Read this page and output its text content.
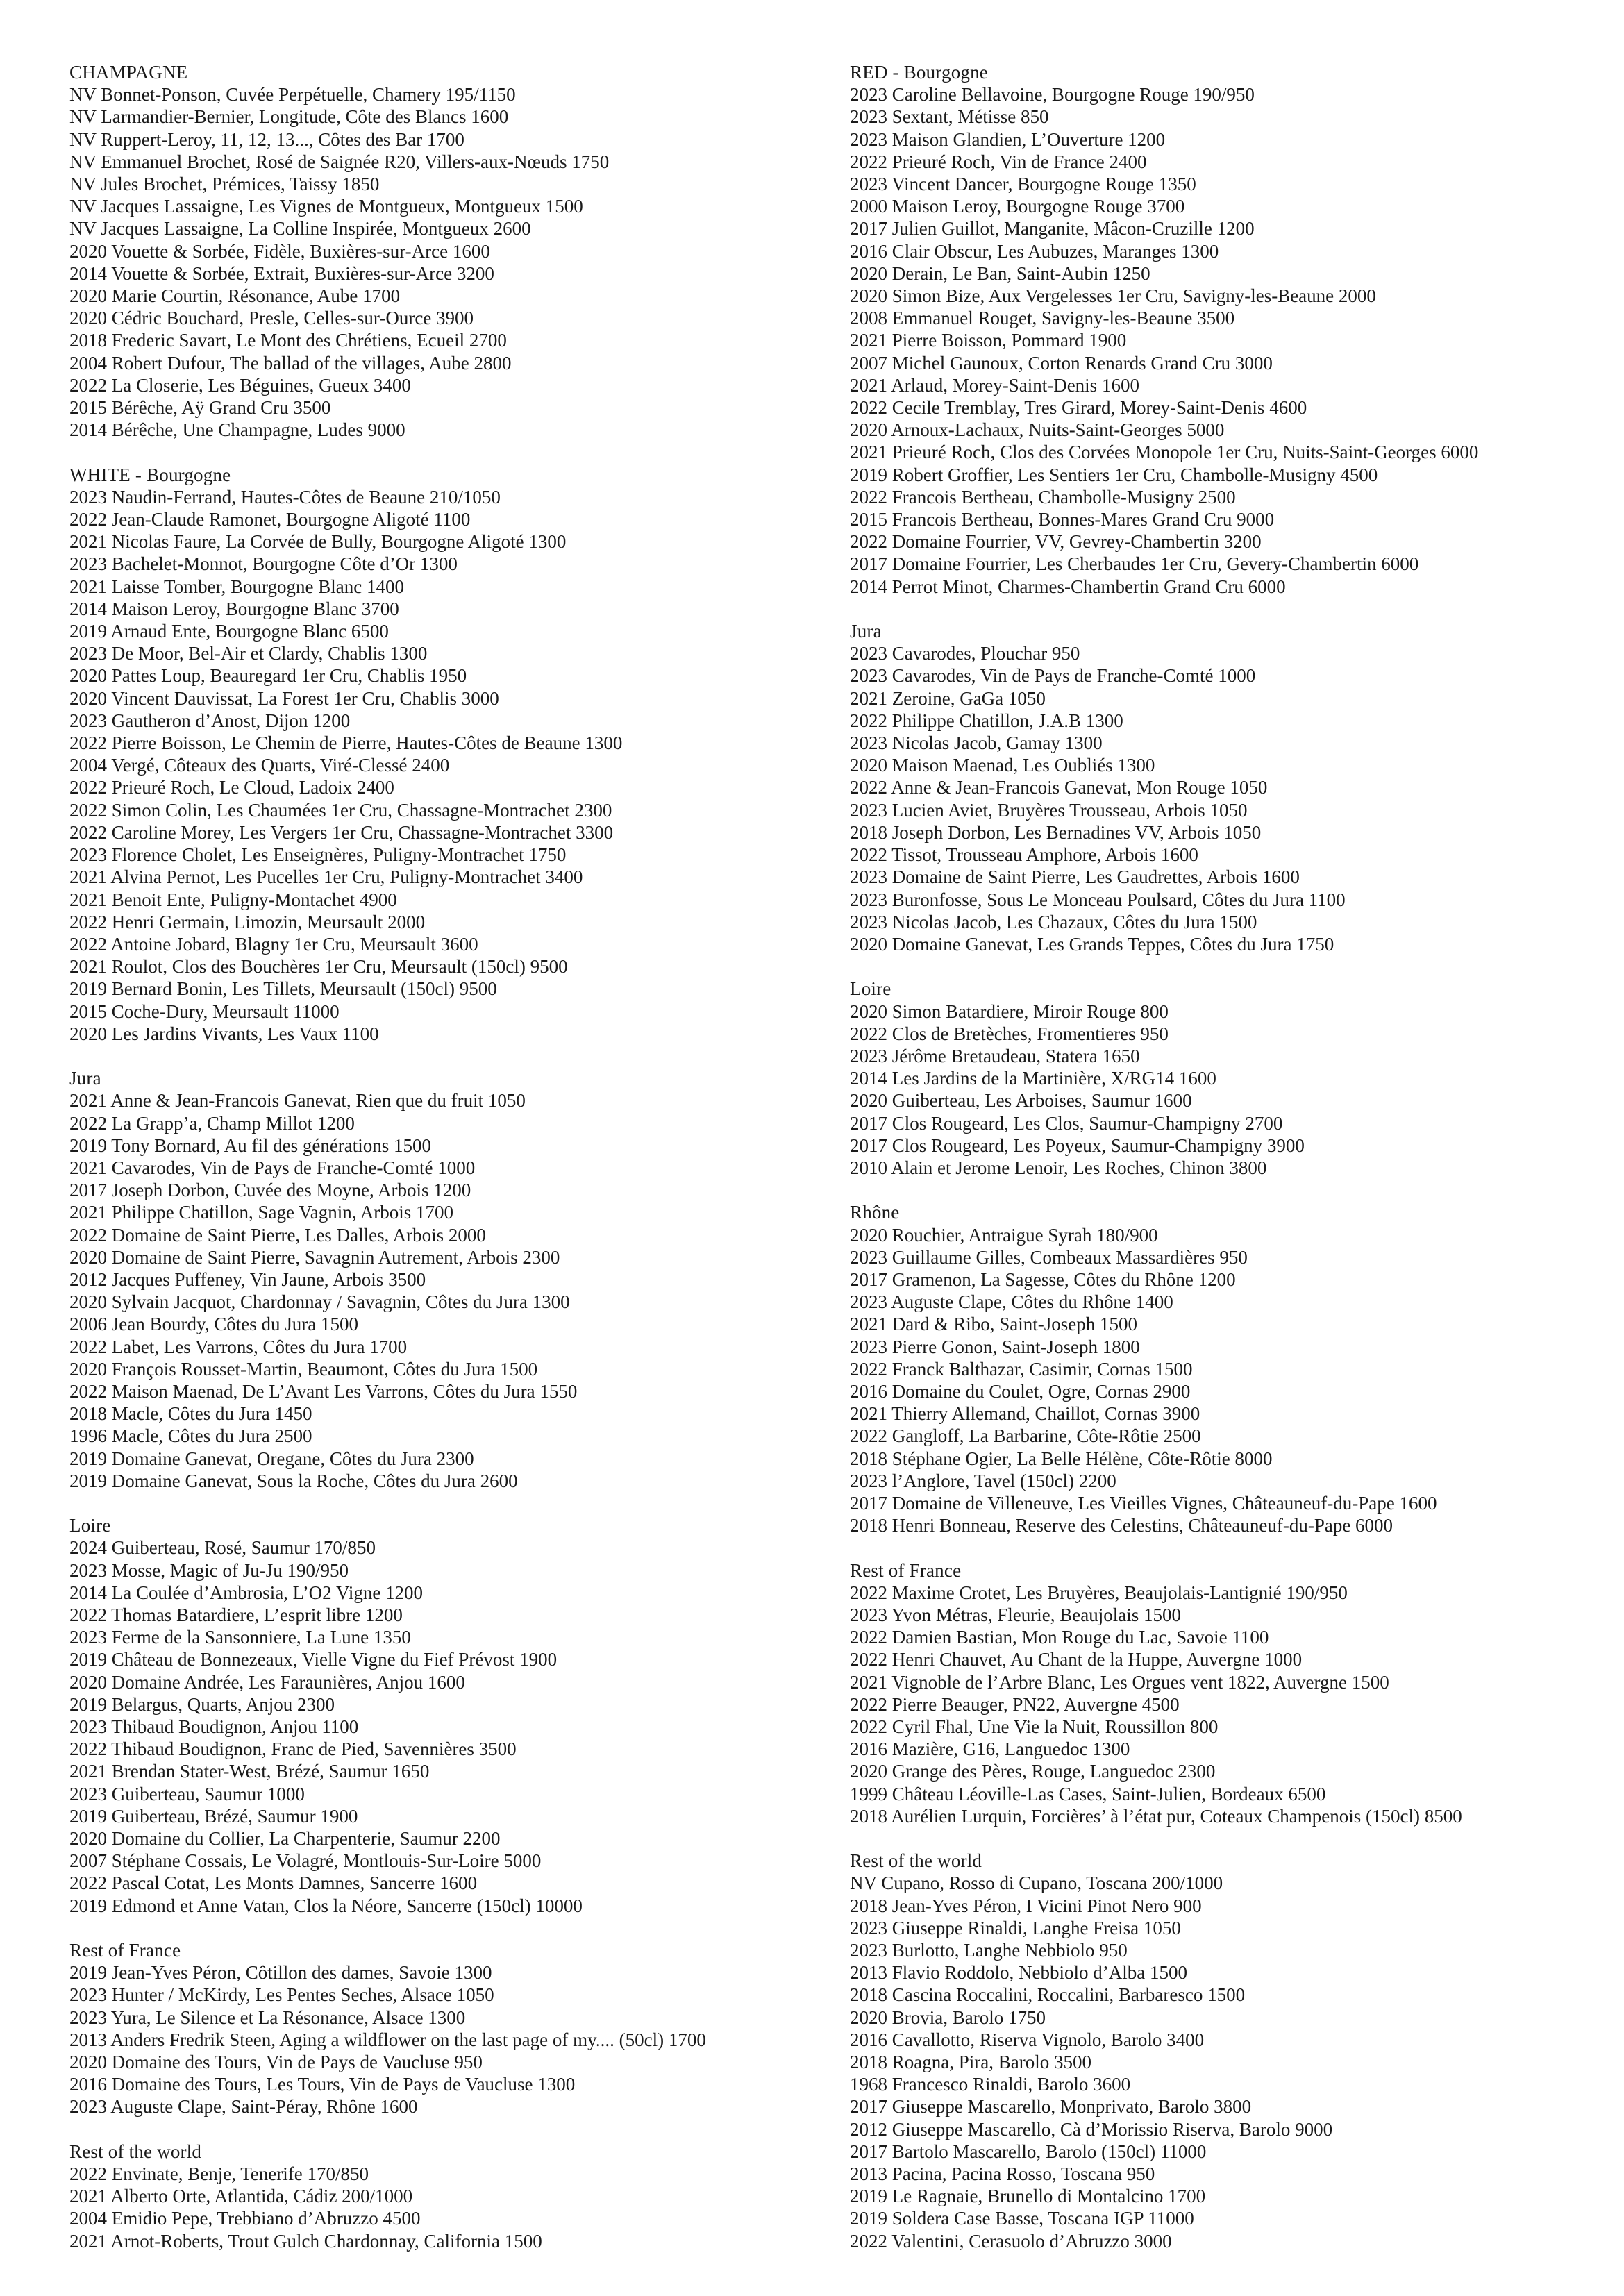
CHAMPAGNE
NV Bonnet-Ponson, Cuvée Perpétuelle, Chamery 195/1150
NV Larmandier-Bernier, Longitude, Côte des Blancs 1600
NV Ruppert-Leroy, 11, 12, 13..., Côtes des Bar 1700
NV Emmanuel Brochet, Rosé de Saignée R20, Villers-aux-Nœuds 1750
NV Jules Brochet, Prémices, Taissy 1850
NV Jacques Lassaigne, Les Vignes de Montgueux, Montgueux 1500
NV Jacques Lassaigne, La Colline Inspirée, Montgueux 2600
2020 Vouette & Sorbée, Fidèle, Buxières-sur-Arce 1600
2014 Vouette & Sorbée, Extrait, Buxières-sur-Arce 3200
2020 Marie Courtin, Résonance, Aube 1700
2020 Cédric Bouchard, Presle, Celles-sur-Ource 3900
2018 Frederic Savart, Le Mont des Chrétiens, Ecueil 2700
2004 Robert Dufour, The ballad of the villages, Aube 2800
2022 La Closerie, Les Béguines, Gueux 3400
2015 Bérêche, Aÿ Grand Cru 3500
2014 Bérêche, Une Champagne, Ludes 9000
WHITE - Bourgogne
2023 Naudin-Ferrand, Hautes-Côtes de Beaune 210/1050
2022 Jean-Claude Ramonet, Bourgogne Aligoté 1100
2021 Nicolas Faure, La Corvée de Bully, Bourgogne Aligoté 1300
2023 Bachelet-Monnot, Bourgogne Côte d’Or 1300
2021 Laisse Tomber, Bourgogne Blanc 1400
2014 Maison Leroy, Bourgogne Blanc 3700
2019 Arnaud Ente, Bourgogne Blanc 6500
2023 De Moor, Bel-Air et Clardy, Chablis 1300
2020 Pattes Loup, Beauregard 1er Cru, Chablis 1950
2020 Vincent Dauvissat, La Forest 1er Cru, Chablis 3000
2023 Gautheron d’Anost, Dijon 1200
2022 Pierre Boisson, Le Chemin de Pierre, Hautes-Côtes de Beaune 1300
2004 Vergé, Côteaux des Quarts, Viré-Clessé 2400
2022 Prieuré Roch, Le Cloud, Ladoix 2400
2022 Simon Colin, Les Chaumées 1er Cru, Chassagne-Montrachet 2300
2022 Caroline Morey, Les Vergers 1er Cru, Chassagne-Montrachet 3300
2023 Florence Cholet, Les Enseignères, Puligny-Montrachet 1750
2021 Alvina Pernot, Les Pucelles 1er Cru, Puligny-Montrachet 3400
2021 Benoit Ente, Puligny-Montachet 4900
2022 Henri Germain, Limozin, Meursault 2000
2022 Antoine Jobard, Blagny 1er Cru, Meursault 3600
2021 Roulot, Clos des Bouchères 1er Cru, Meursault (150cl) 9500
2019 Bernard Bonin, Les Tillets, Meursault (150cl) 9500
2015 Coche-Dury, Meursault 11000
2020 Les Jardins Vivants, Les Vaux 1100
Jura
2021 Anne & Jean-Francois Ganevat, Rien que du fruit 1050
2022 La Grapp’a, Champ Millot 1200
2019 Tony Bornard, Au fil des générations 1500
2021 Cavarodes, Vin de Pays de Franche-Comté 1000
2017 Joseph Dorbon, Cuvée des Moyne, Arbois 1200
2021 Philippe Chatillon, Sage Vagnin, Arbois 1700
2022 Domaine de Saint Pierre, Les Dalles, Arbois 2000
2020 Domaine de Saint Pierre, Savagnin Autrement, Arbois 2300
2012 Jacques Puffeney, Vin Jaune, Arbois 3500
2020 Sylvain Jacquot, Chardonnay / Savagnin, Côtes du Jura 1300
2006 Jean Bourdy, Côtes du Jura 1500
2022 Labet, Les Varrons, Côtes du Jura 1700
2020 François Rousset-Martin, Beaumont, Côtes du Jura 1500
2022 Maison Maenad, De L’Avant Les Varrons, Côtes du Jura 1550
2018 Macle, Côtes du Jura 1450
1996 Macle, Côtes du Jura 2500
2019 Domaine Ganevat, Oregane, Côtes du Jura 2300
2019 Domaine Ganevat, Sous la Roche, Côtes du Jura 2600
Loire
2024 Guiberteau, Rosé, Saumur 170/850
2023 Mosse, Magic of Ju-Ju 190/950
2014 La Coulée d’Ambrosia, L’O2 Vigne 1200
2022 Thomas Batardiere, L’esprit libre 1200
2023 Ferme de la Sansonniere, La Lune 1350
2019 Château de Bonnezeaux, Vielle Vigne du Fief Prévost 1900
2020 Domaine Andrée, Les Faraunières, Anjou 1600
2019 Belargus, Quarts, Anjou 2300
2023 Thibaud Boudignon, Anjou 1100
2022 Thibaud Boudignon, Franc de Pied, Savennières 3500
2021 Brendan Stater-West, Brézé, Saumur 1650
2023 Guiberteau, Saumur 1000
2019 Guiberteau, Brézé, Saumur 1900
2020 Domaine du Collier, La Charpenterie, Saumur 2200
2007 Stéphane Cossais, Le Volagré, Montlouis-Sur-Loire 5000
2022 Pascal Cotat, Les Monts Damnes, Sancerre 1600
2019 Edmond et Anne Vatan, Clos la Néore, Sancerre (150cl) 10000
Rest of France
2019 Jean-Yves Péron, Côtillon des dames, Savoie 1300
2023 Hunter / McKirdy, Les Pentes Seches, Alsace 1050
2023 Yura, Le Silence et La Résonance, Alsace 1300
2013 Anders Fredrik Steen, Aging a wildflower on the last page of my.... (50cl) 1700
2020 Domaine des Tours, Vin de Pays de Vaucluse 950
2016 Domaine des Tours, Les Tours, Vin de Pays de Vaucluse 1300
2023 Auguste Clape, Saint-Péray, Rhône 1600
Rest of the world
2022 Envinate, Benje, Tenerife 170/850
2021 Alberto Orte, Atlantida, Cádiz 200/1000
2004 Emidio Pepe, Trebbiano d’Abruzzo 4500
2021 Arnot-Roberts, Trout Gulch Chardonnay, California 1500
RED - Bourgogne
2023 Caroline Bellavoine, Bourgogne Rouge 190/950
2023 Sextant, Métisse 850
2023 Maison Glandien, L’Ouverture 1200
2022 Prieuré Roch, Vin de France 2400
2023 Vincent Dancer, Bourgogne Rouge 1350
2000 Maison Leroy, Bourgogne Rouge 3700
2017 Julien Guillot, Manganite, Mâcon-Cruzille 1200
2016 Clair Obscur, Les Aubuzes, Maranges 1300
2020 Derain, Le Ban, Saint-Aubin 1250
2020 Simon Bize, Aux Vergelesses 1er Cru, Savigny-les-Beaune 2000
2008 Emmanuel Rouget, Savigny-les-Beaune 3500
2021 Pierre Boisson, Pommard 1900
2007 Michel Gaunoux, Corton Renards Grand Cru 3000
2021 Arlaud, Morey-Saint-Denis 1600
2022 Cecile Tremblay, Tres Girard, Morey-Saint-Denis 4600
2020 Arnoux-Lachaux, Nuits-Saint-Georges 5000
2021 Prieuré Roch, Clos des Corvées Monopole 1er Cru, Nuits-Saint-Georges 6000
2019 Robert Groffier, Les Sentiers 1er Cru, Chambolle-Musigny 4500
2022 Francois Bertheau, Chambolle-Musigny 2500
2015 Francois Bertheau, Bonnes-Mares Grand Cru 9000
2022 Domaine Fourrier, VV, Gevrey-Chambertin 3200
2017 Domaine Fourrier, Les Cherbaudes 1er Cru, Gevery-Chambertin 6000
2014 Perrot Minot, Charmes-Chambertin Grand Cru 6000
Jura
2023 Cavarodes, Plouchar 950
2023 Cavarodes, Vin de Pays de Franche-Comté 1000
2021 Zeroine, GaGa 1050
2022 Philippe Chatillon, J.A.B 1300
2023 Nicolas Jacob, Gamay 1300
2020 Maison Maenad, Les Oubliés 1300
2022 Anne & Jean-Francois Ganevat, Mon Rouge 1050
2023 Lucien Aviet, Bruyères Trousseau, Arbois 1050
2018 Joseph Dorbon, Les Bernadines VV, Arbois 1050
2022 Tissot, Trousseau Amphore, Arbois 1600
2023 Domaine de Saint Pierre, Les Gaudrettes, Arbois 1600
2023 Buronfosse, Sous Le Monceau Poulsard, Côtes du Jura 1100
2023 Nicolas Jacob, Les Chazaux, Côtes du Jura 1500
2020 Domaine Ganevat, Les Grands Teppes, Côtes du Jura 1750
Loire
2020 Simon Batardiere, Miroir Rouge 800
2022 Clos de Bretèches, Fromentieres 950
2023 Jérôme Bretaudeau, Statera 1650
2014 Les Jardins de la Martinière, X/RG14 1600
2020 Guiberteau, Les Arboises, Saumur 1600
2017 Clos Rougeard, Les Clos, Saumur-Champigny 2700
2017 Clos Rougeard, Les Poyeux, Saumur-Champigny 3900
2010 Alain et Jerome Lenoir, Les Roches, Chinon 3800
Rhône
2020 Rouchier, Antraigue Syrah 180/900
2023 Guillaume Gilles, Combeaux Massardières 950
2017 Gramenon, La Sagesse, Côtes du Rhône 1200
2023 Auguste Clape, Côtes du Rhône 1400
2021 Dard & Ribo, Saint-Joseph 1500
2023 Pierre Gonon, Saint-Joseph 1800
2022 Franck Balthazar, Casimir, Cornas 1500
2016 Domaine du Coulet, Ogre, Cornas 2900
2021 Thierry Allemand, Chaillot, Cornas 3900
2022 Gangloff, La Barbarine, Côte-Rôtie 2500
2018 Stéphane Ogier, La Belle Hélène, Côte-Rôtie 8000
2023 l’Anglore, Tavel (150cl) 2200
2017 Domaine de Villeneuve, Les Vieilles Vignes, Châteauneuf-du-Pape 1600
2018 Henri Bonneau, Reserve des Celestins, Châteauneuf-du-Pape 6000
Rest of France
2022 Maxime Crotet, Les Bruyères, Beaujolais-Lantignié 190/950
2023 Yvon Métras, Fleurie, Beaujolais 1500
2022 Damien Bastian, Mon Rouge du Lac, Savoie 1100
2022 Henri Chauvet, Au Chant de la Huppe, Auvergne 1000
2021 Vignoble de l’Arbre Blanc, Les Orgues vent 1822, Auvergne 1500
2022 Pierre Beauger, PN22, Auvergne 4500
2022 Cyril Fhal, Une Vie la Nuit, Roussillon 800
2016 Mazière, G16, Languedoc 1300
2020 Grange des Pères, Rouge, Languedoc 2300
1999 Château Léoville-Las Cases, Saint-Julien, Bordeaux 6500
2018 Aurélien Lurquin, Forcières’ à l’état pur, Coteaux Champenois (150cl) 8500
Rest of the world
NV Cupano, Rosso di Cupano, Toscana 200/1000
2018 Jean-Yves Péron, I Vicini Pinot Nero 900
2023 Giuseppe Rinaldi, Langhe Freisa 1050
2023 Burlotto, Langhe Nebbiolo 950
2013 Flavio Roddolo, Nebbiolo d’Alba 1500
2018 Cascina Roccalini, Roccalini, Barbaresco 1500
2020 Brovia, Barolo 1750
2016 Cavallotto, Riserva Vignolo, Barolo 3400
2018 Roagna, Pira, Barolo 3500
1968 Francesco Rinaldi, Barolo 3600
2017 Giuseppe Mascarello, Monprivato, Barolo 3800
2012 Giuseppe Mascarello, Cà d’Morissio Riserva, Barolo 9000
2017 Bartolo Mascarello, Barolo (150cl) 11000
2013 Pacina, Pacina Rosso, Toscana 950
2019 Le Ragnaie, Brunello di Montalcino 1700
2019 Soldera Case Basse, Toscana IGP 11000
2022 Valentini, Cerasuolo d’Abruzzo 3000
